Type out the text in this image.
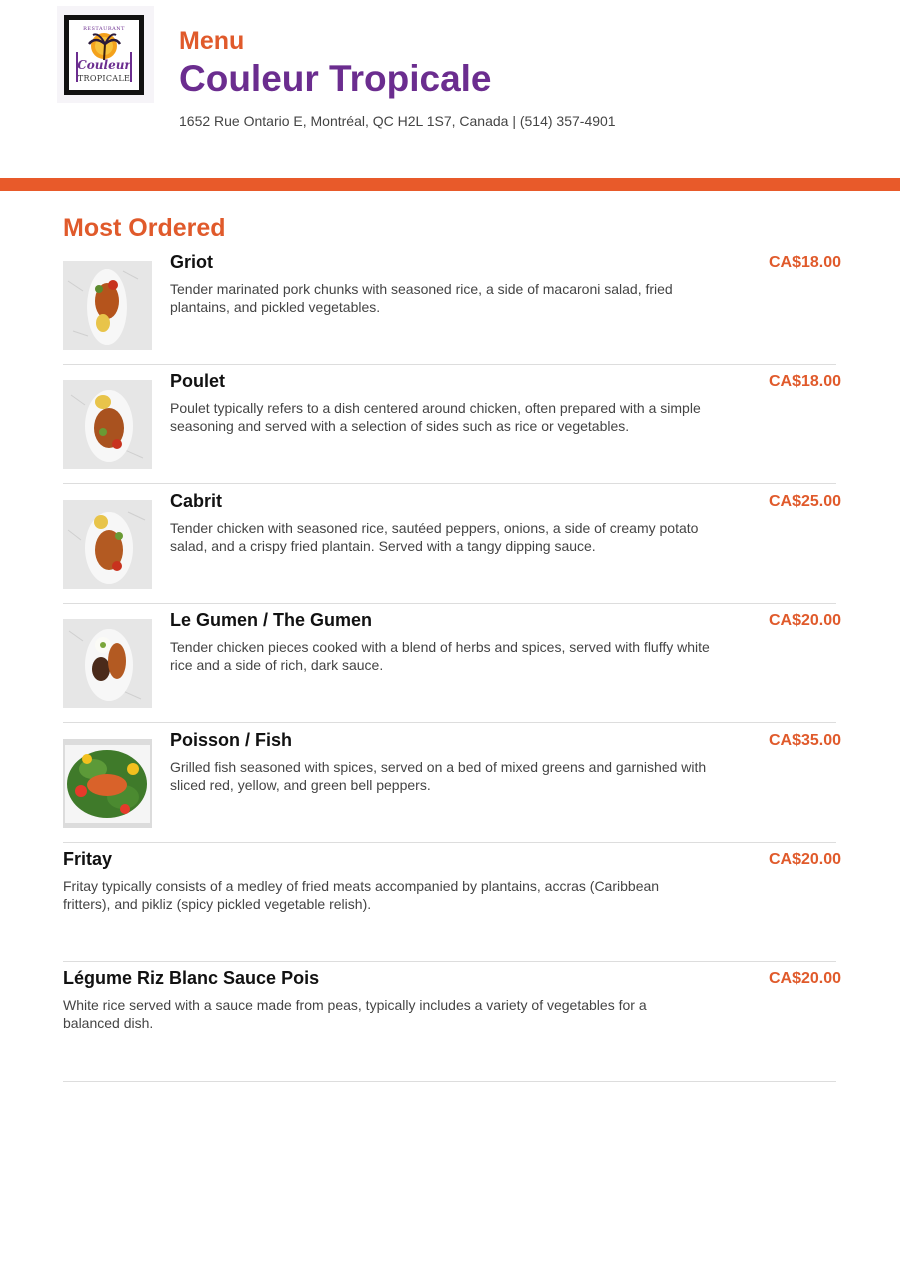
RESTAURANT
Couleur
TROPICALE
Menu
Couleur Tropicale
1652 Rue Ontario E, Montréal, QC H2L 1S7, Canada | (514) 357-4901
Most Ordered
Griot
Tender marinated pork chunks with seasoned rice, a side of macaroni salad, fried plantains, and pickled vegetables.
CA$18.00
Poulet
Poulet typically refers to a dish centered around chicken, often prepared with a simple seasoning and served with a selection of sides such as rice or vegetables.
CA$18.00
Cabrit
Tender chicken with seasoned rice, sautéed peppers, onions, a side of creamy potato salad, and a crispy fried plantain. Served with a tangy dipping sauce.
CA$25.00
Le Gumen / The Gumen
Tender chicken pieces cooked with a blend of herbs and spices, served with fluffy white rice and a side of rich, dark sauce.
CA$20.00
Poisson / Fish
Grilled fish seasoned with spices, served on a bed of mixed greens and garnished with sliced red, yellow, and green bell peppers.
CA$35.00
Fritay
Fritay typically consists of a medley of fried meats accompanied by plantains, accras (Caribbean fritters), and pikliz (spicy pickled vegetable relish).
CA$20.00
Légume Riz Blanc Sauce Pois
White rice served with a sauce made from peas, typically includes a variety of vegetables for a balanced dish.
CA$20.00
